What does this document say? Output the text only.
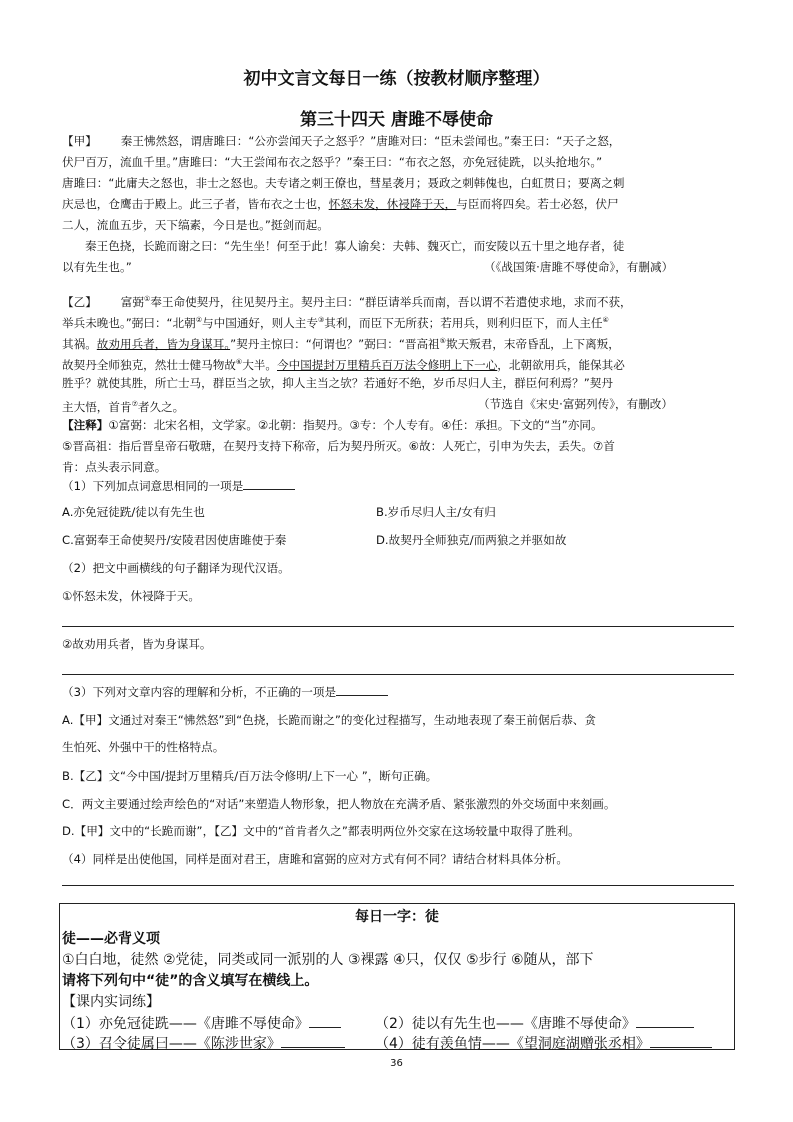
初中文言文每日一练（按教材顺序整理）
第三十四天 唐雎不辱使命
【甲】 秦王怫然怒，谓唐雎曰：“公亦尝闻天子之怒乎？”唐雎对曰：“臣未尝闻也。”秦王曰：“天子之怒，
伏尸百万，流血千里。”唐雎曰：“大王尝闻布衣之怒乎？”秦王曰：“布衣之怒，亦免冠徒跣，以头抢地尔。”
唐雎曰：“此庸夫之怒也，非士之怒也。夫专诸之刺王僚也，彗星袭月；聂政之刺韩傀也，白虹贯日；要离之刺
庆忌也，仓鹰击于殿上。此三子者，皆布衣之士也，怀怒未发，休祲降于天，与臣而将四矣。若士必怒，伏尸
二人，流血五步，天下缟素，今日是也。”挺剑而起。
秦王色挠，长跪而谢之曰：“先生坐！何至于此！寡人谕矣：夫韩、魏灭亡，而安陵以五十里之地存者，徒
以有先生也。”	（《战国策·唐雎不辱使命》，有删减）
【乙】 富弼①奉王命使契丹，往见契丹主。契丹主曰：“群臣请举兵而南，吾以谓不若遣使求地，求而不获，
举兵未晚也。”弼曰：“北朝②与中国通好，则人主专③其利，而臣下无所获；若用兵，则利归臣下，而人主任④
其祸。故劝用兵者，皆为身谋耳。”契丹主惊曰：“何谓也？”弼曰：“晋高祖⑤欺天叛君，末帝昏乱，上下离叛，
故契丹全师独克，然壮士健马物故⑥大半。今中国提封万里精兵百万法令修明上下一心，北朝欲用兵，能保其必
胜乎？就使其胜，所亡士马，群臣当之欤，抑人主当之欤？若通好不绝，岁币尽归人主，群臣何利焉？”契丹
主大悟，首肯⑦者久之。	（节选自《宋史·富弼列传》，有删改）
【注释】①富弼：北宋名相，文学家。②北朝：指契丹。③专：个人专有。④任：承担。下文的“当”亦同。
⑤晋高祖：指后晋皇帝石敬瑭，在契丹支持下称帝，后为契丹所灭。⑥故：人死亡，引申为失去，丢失。⑦首
肯：点头表示同意。
（1）下列加点词意思相同的一项是
A.亦免冠徒跣/徒以有先生也	B.岁币尽归人主/女有归
C.富弼奉王命使契丹/安陵君因使唐雎使于秦	D.故契丹全师独克/而两狼之并驱如故
（2）把文中画横线的句子翻译为现代汉语。
①怀怒未发，休祲降于天。
②故劝用兵者，皆为身谋耳。
（3）下列对文章内容的理解和分析，不正确的一项是
A.【甲】文通过对秦王“怫然怒”到“色挠，长跪而谢之”的变化过程描写，生动地表现了秦王前倨后恭、贪
生怕死、外强中干的性格特点。
B.【乙】文“今中国/提封万里精兵/百万法令修明/上下一心 ”，断句正确。
C．两文主要通过绘声绘色的“对话”来塑造人物形象，把人物放在充满矛盾、紧张激烈的外交场面中来刻画。
D.【甲】文中的“长跪而谢”，【乙】文中的“首肯者久之”都表明两位外交家在这场较量中取得了胜利。
（4）同样是出使他国，同样是面对君王，唐雎和富弼的应对方式有何不同？请结合材料具体分析。
每日一字：徒
徒——必背义项
①白白地，徒然 ②党徒，同类或同一派别的人 ③裸露 ④只，仅仅 ⑤步行 ⑥随从，部下
请将下列句中“徒”的含义填写在横线上。
【课内实词练】
（1）亦免冠徒跣——《唐雎不辱使命》	（2）徒以有先生也——《唐雎不辱使命》
（3）召令徒属曰——《陈涉世家》	（4）徒有羡鱼情——《望洞庭湖赠张丞相》
36
